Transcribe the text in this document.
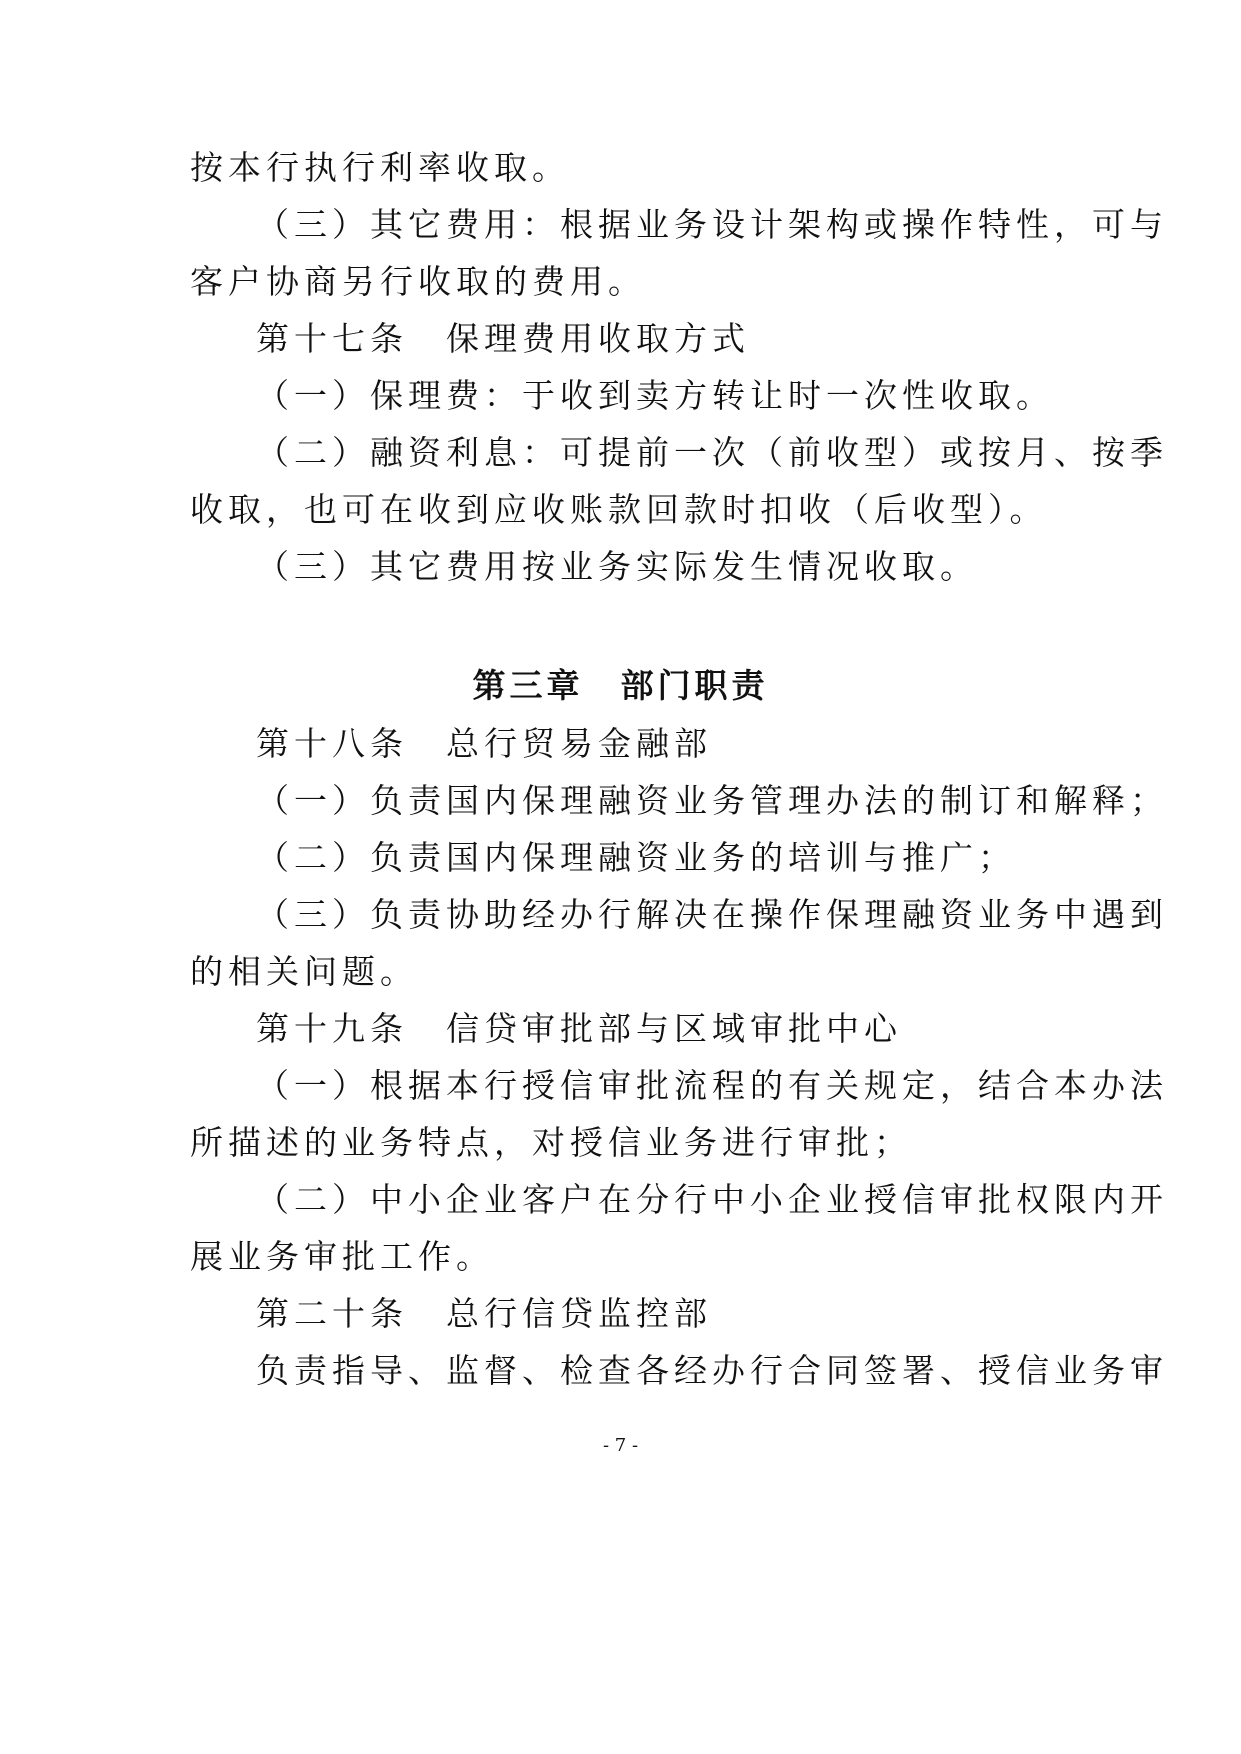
按本行执行利率收取。
（三）其它费用：根据业务设计架构或操作特性，可与
客户协商另行收取的费用。
第十七条　保理费用收取方式
（一）保理费：于收到卖方转让时一次性收取。
（二）融资利息：可提前一次（前收型）或按月、按季
收取，也可在收到应收账款回款时扣收（后收型）。
（三）其它费用按业务实际发生情况收取。
第三章　部门职责
第十八条　总行贸易金融部
（一）负责国内保理融资业务管理办法的制订和解释；
（二）负责国内保理融资业务的培训与推广；
（三）负责协助经办行解决在操作保理融资业务中遇到
的相关问题。
第十九条　信贷审批部与区域审批中心
（一）根据本行授信审批流程的有关规定，结合本办法
所描述的业务特点，对授信业务进行审批；
（二）中小企业客户在分行中小企业授信审批权限内开
展业务审批工作。
第二十条　总行信贷监控部
负责指导、监督、检查各经办行合同签署、授信业务审
- 7 -
